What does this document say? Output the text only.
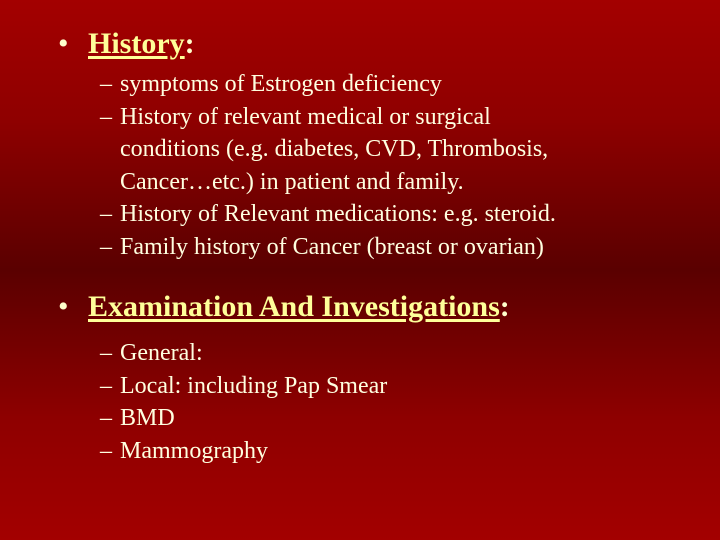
• History:
– symptoms of Estrogen deficiency
– History of relevant medical or surgical
conditions (e.g. diabetes, CVD, Thrombosis,
Cancer…etc.) in patient and family.
– History of Relevant medications: e.g. steroid.
– Family history of Cancer (breast or ovarian)
• Examination And Investigations:
– General:
– Local: including Pap Smear
– BMD
– Mammography
